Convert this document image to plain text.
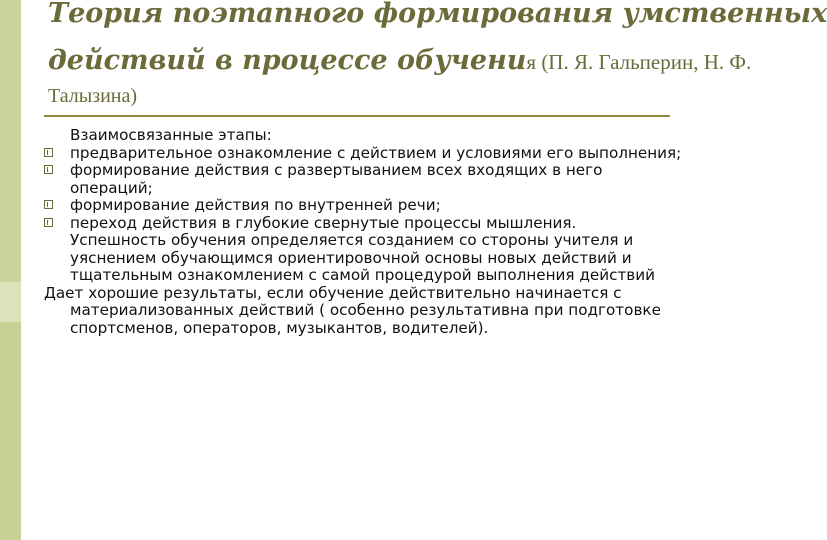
Теория поэтапного формирования умственных
действий в процессе обучения (П. Я. Гальперин, Н. Ф.
Талызина)

Взаимосвязанные этапы:

предварительное ознакомление с действием и условиями его выполнения;

формирование действия с развертыванием всех входящих в него операций;

формирование действия по внутренней речи;

переход действия в глубокие свернутые процессы мышления.

Успешность обучения определяется созданием со стороны учителя и уяснением обучающимся ориентировочной основы новых действий и тщательным ознакомлением с самой процедурой выполнения действий

Дает хорошие результаты, если обучение действительно начинается с материализованных действий ( особенно результативна при подготовке спортсменов, операторов, музыкантов, водителей).
